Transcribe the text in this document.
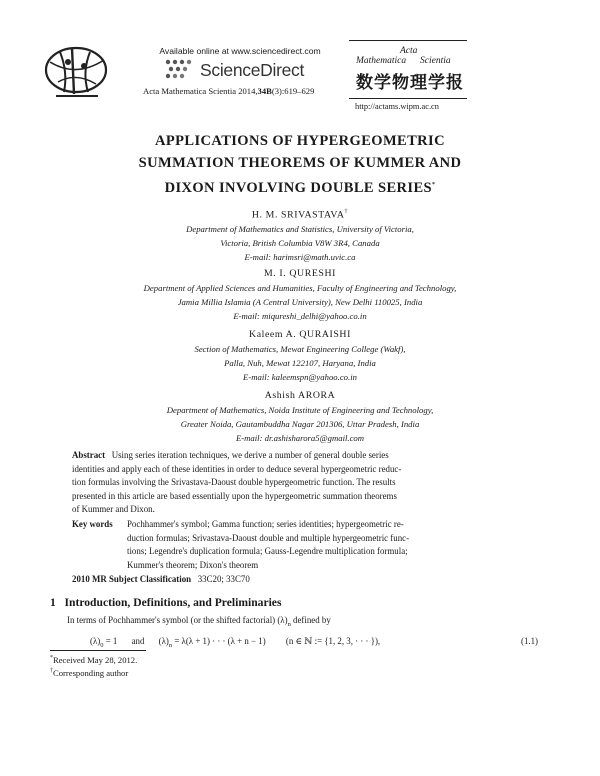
Available online at www.sciencedirect.com
ScienceDirect
Acta Mathematica Scientia 2014,34B(3):619–629
Acta
Mathematica Scientia
数学物理学报
http://actams.wipm.ac.cn
APPLICATIONS OF HYPERGEOMETRIC
SUMMATION THEOREMS OF KUMMER AND
DIXON INVOLVING DOUBLE SERIES*
H. M. SRIVASTAVA†
Department of Mathematics and Statistics, University of Victoria,
Victoria, British Columbia V8W 3R4, Canada
E-mail: harimsri@math.uvic.ca
M. I. QURESHI
Department of Applied Sciences and Humanities, Faculty of Engineering and Technology,
Jamia Millia Islamia (A Central University), New Delhi 110025, India
E-mail: miqureshi_delhi@yahoo.co.in
Kaleem A. QURAISHI
Section of Mathematics, Mewat Engineering College (Wakf),
Palla, Nuh, Mewat 122107, Haryana, India
E-mail: kaleemspn@yahoo.co.in
Ashish ARORA
Department of Mathematics, Noida Institute of Engineering and Technology,
Greater Noida, Gautambuddha Nagar 201306, Uttar Pradesh, India
E-mail: dr.ashisharora5@gmail.com
Abstract Using series iteration techniques, we derive a number of general double series
identities and apply each of these identities in order to deduce several hypergeometric reduc-
tion formulas involving the Srivastava-Daoust double hypergeometric function. The results
presented in this article are based essentially upon the hypergeometric summation theorems
of Kummer and Dixon.
Key words Pochhammer's symbol; Gamma function; series identities; hypergeometric re-
duction formulas; Srivastava-Daoust double and multiple hypergeometric func-
tions; Legendre's duplication formula; Gauss-Legendre multiplication formula;
Kummer's theorem; Dixon's theorem
2010 MR Subject Classification 33C20; 33C70
1 Introduction, Definitions, and Preliminaries
In terms of Pochhammer's symbol (or the shifted factorial) $(\lambda)_n$ defined by
$(\lambda)_0 = 1$ and $(\lambda)_n = \lambda(\lambda + 1)$ · · · (λ + n − 1) (n ∈ ℕ := {1, 2, 3, · · · }),	(1.1)
*Received May 28, 2012.
†Corresponding author
